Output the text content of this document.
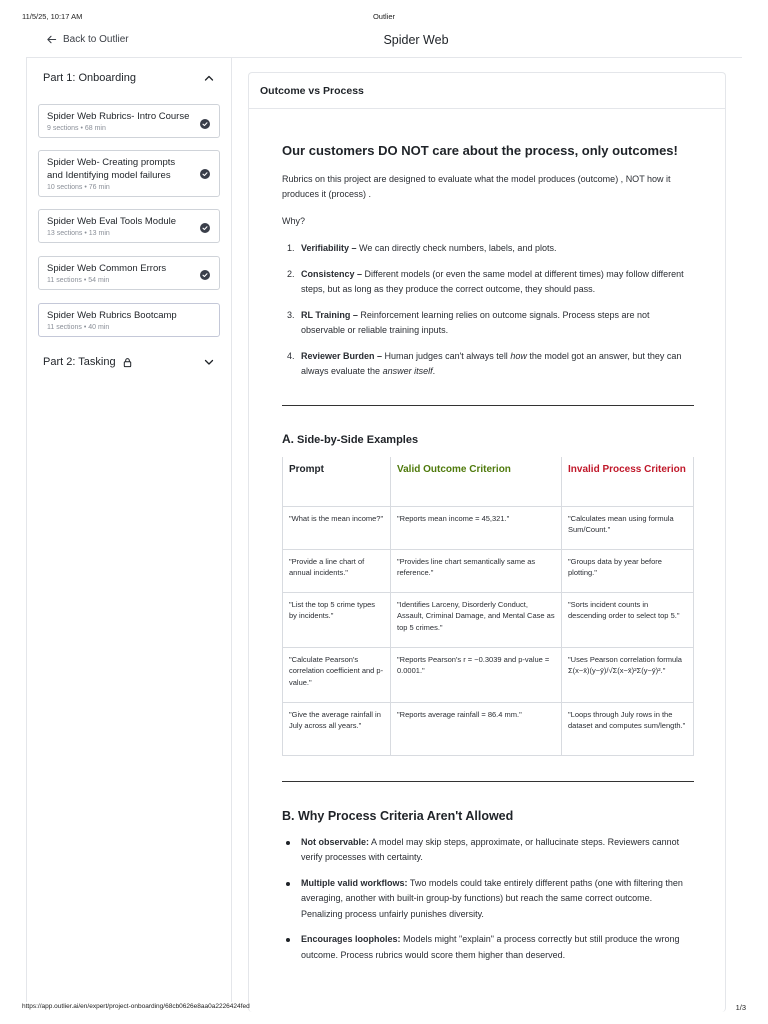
11/5/25, 10:17 AM	Outlier
Back to Outlier	Spider Web
Part 1: Onboarding
Spider Web Rubrics- Intro Course
9 sections • 68 min
Spider Web- Creating prompts and Identifying model failures
10 sections • 76 min
Spider Web Eval Tools Module
13 sections • 13 min
Spider Web Common Errors
11 sections • 54 min
Spider Web Rubrics Bootcamp
11 sections • 40 min
Part 2: Tasking
Outcome vs Process
Our customers DO NOT care about the process, only outcomes!

Rubrics on this project are designed to evaluate what the model produces (outcome) , NOT how it produces it (process) .

Why?

1. Verifiability – We can directly check numbers, labels, and plots.
2. Consistency – Different models (or even the same model at different times) may follow different steps, but as long as they produce the correct outcome, they should pass.
3. RL Training – Reinforcement learning relies on outcome signals. Process steps are not observable or reliable training inputs.
4. Reviewer Burden – Human judges can't always tell how the model got an answer, but they can always evaluate the answer itself.
A. Side-by-Side Examples
Prompt	Valid Outcome Criterion	Invalid Process Criterion
"What is the mean income?"	"Reports mean income = 45,321."	"Calculates mean using formula Sum/Count."
"Provide a line chart of annual incidents."	"Provides line chart semantically same as reference."	"Groups data by year before plotting."
"List the top 5 crime types by incidents."	"Identifies Larceny, Disorderly Conduct, Assault, Criminal Damage, and Mental Case as top 5 crimes."	"Sorts incident counts in descending order to select top 5."
"Calculate Pearson's correlation coefficient and p-value."	"Reports Pearson's r = −0.3039 and p-value = 0.0001."	"Uses Pearson correlation formula Σ(x−x̄)(y−ȳ)/√Σ(x−x̄)²Σ(y−ȳ)²."
"Give the average rainfall in July across all years."	"Reports average rainfall = 86.4 mm."	"Loops through July rows in the dataset and computes sum/length."
B. Why Process Criteria Aren't Allowed
Not observable: A model may skip steps, approximate, or hallucinate steps. Reviewers cannot verify processes with certainty.
Multiple valid workflows: Two models could take entirely different paths (one with filtering then averaging, another with built-in group-by functions) but reach the same correct outcome. Penalizing process unfairly punishes diversity.
Encourages loopholes: Models might "explain" a process correctly but still produce the wrong outcome. Process rubrics would score them higher than deserved.
https://app.outlier.ai/en/expert/project-onboarding/68cb0626e8aa0a2226424fed	1/3
